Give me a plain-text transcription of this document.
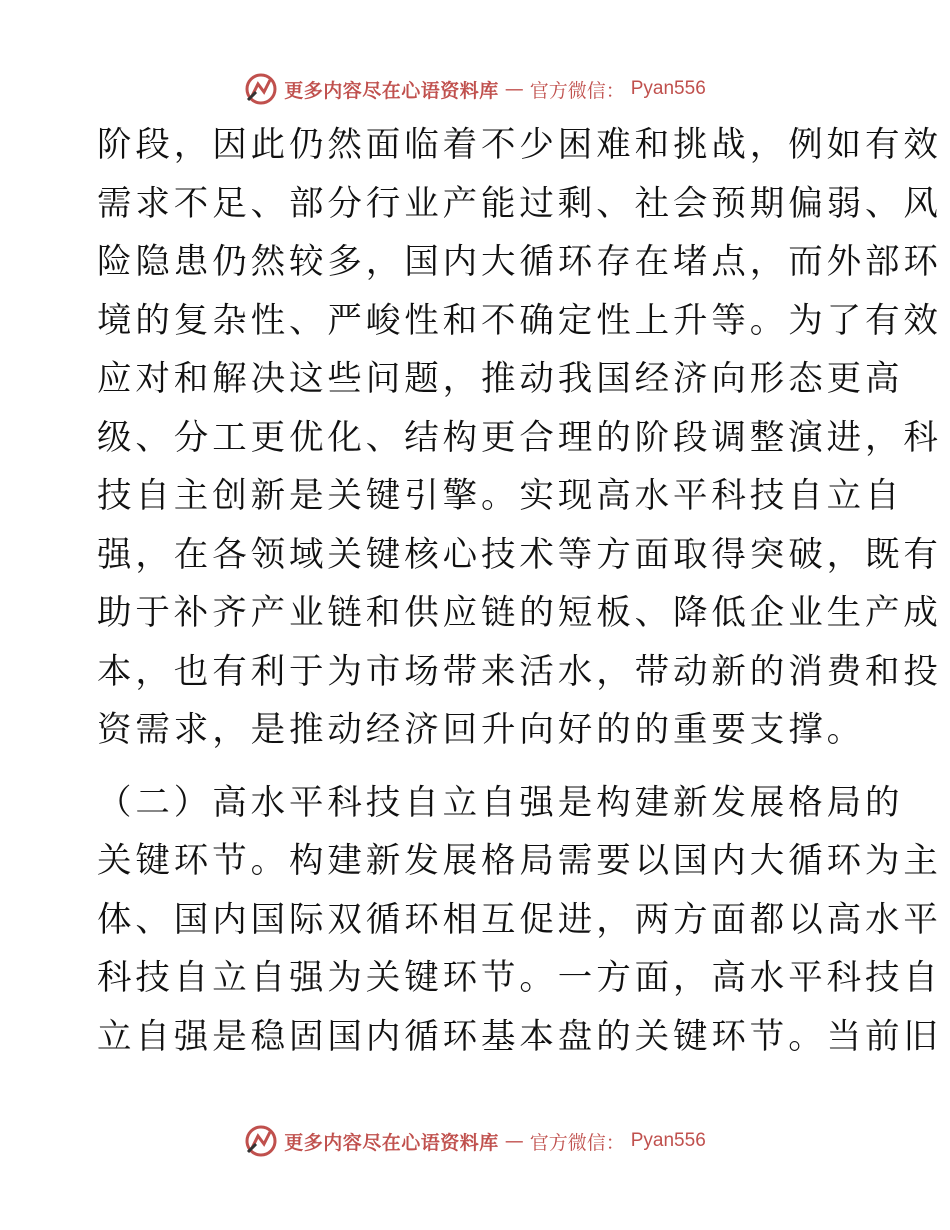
更多内容尽在心语资料库 — 官方微信： Pyan556
阶段，因此仍然面临着不少困难和挑战，例如有效
需求不足、部分行业产能过剩、社会预期偏弱、风
险隐患仍然较多，国内大循环存在堵点，而外部环
境的复杂性、严峻性和不确定性上升等。为了有效
应对和解决这些问题，推动我国经济向形态更高
级、分工更优化、结构更合理的阶段调整演进，科
技自主创新是关键引擎。实现高水平科技自立自
强，在各领域关键核心技术等方面取得突破，既有
助于补齐产业链和供应链的短板、降低企业生产成
本，也有利于为市场带来活水，带动新的消费和投
资需求，是推动经济回升向好的的重要支撑。
（二）高水平科技自立自强是构建新发展格局的
关键环节。构建新发展格局需要以国内大循环为主
体、国内国际双循环相互促进，两方面都以高水平
科技自立自强为关键环节。一方面，高水平科技自
立自强是稳固国内循环基本盘的关键环节。当前旧
更多内容尽在心语资料库 — 官方微信： Pyan556
